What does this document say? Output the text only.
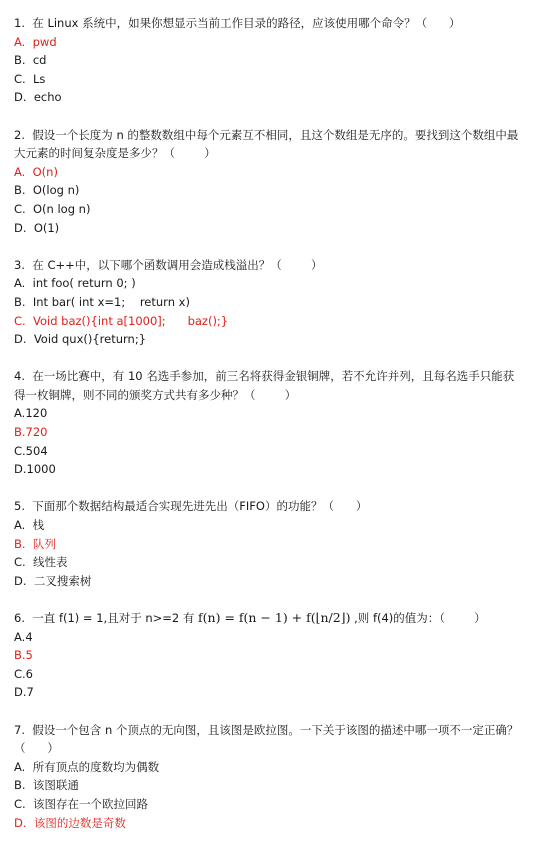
1.  在 Linux 系统中，如果你想显示当前工作目录的路径，应该使用哪个命令？（      ）

A.  pwd

B.  cd

C.  Ls

D.  echo

2.  假设一个长度为 n 的整数数组中每个元素互不相同，且这个数组是无序的。要找到这个数组中最大元素的时间复杂度是多少？（        ）

A.  O(n)

B.  O(log n)

C.  O(n log n)

D.  O(1)

3.  在 C++中，以下哪个函数调用会造成栈溢出？（        ）

A.  int foo( return 0; )

B.  Int bar( int x=1;    return x)

C.  Void baz(){int a[1000];      baz();}

D.  Void qux(){return;}

4.  在一场比赛中，有 10 名选手参加，前三名将获得金银铜牌，若不允许并列，且每名选手只能获得一枚铜牌，则不同的颁奖方式共有多少种？（        ）

A.120

B.720

C.504

D.1000

5.  下面那个数据结构最适合实现先进先出（FIFO）的功能？（      ）

A.  栈

B.  队列

C.  线性表

D.  二叉搜索树

6.  一直 f(1) = 1,且对于 n>=2 有 f(n) = f(n − 1) + f(⌊n/2⌋) ,则 f(4)的值为：（        ）

A.4

B.5

C.6

D.7

7.  假设一个包含 n 个顶点的无向图，且该图是欧拉图。一下关于该图的描述中哪一项不一定正确？（      ）

A.  所有顶点的度数均为偶数

B.  该图联通

C.  该图存在一个欧拉回路

D.  该图的边数是奇数
